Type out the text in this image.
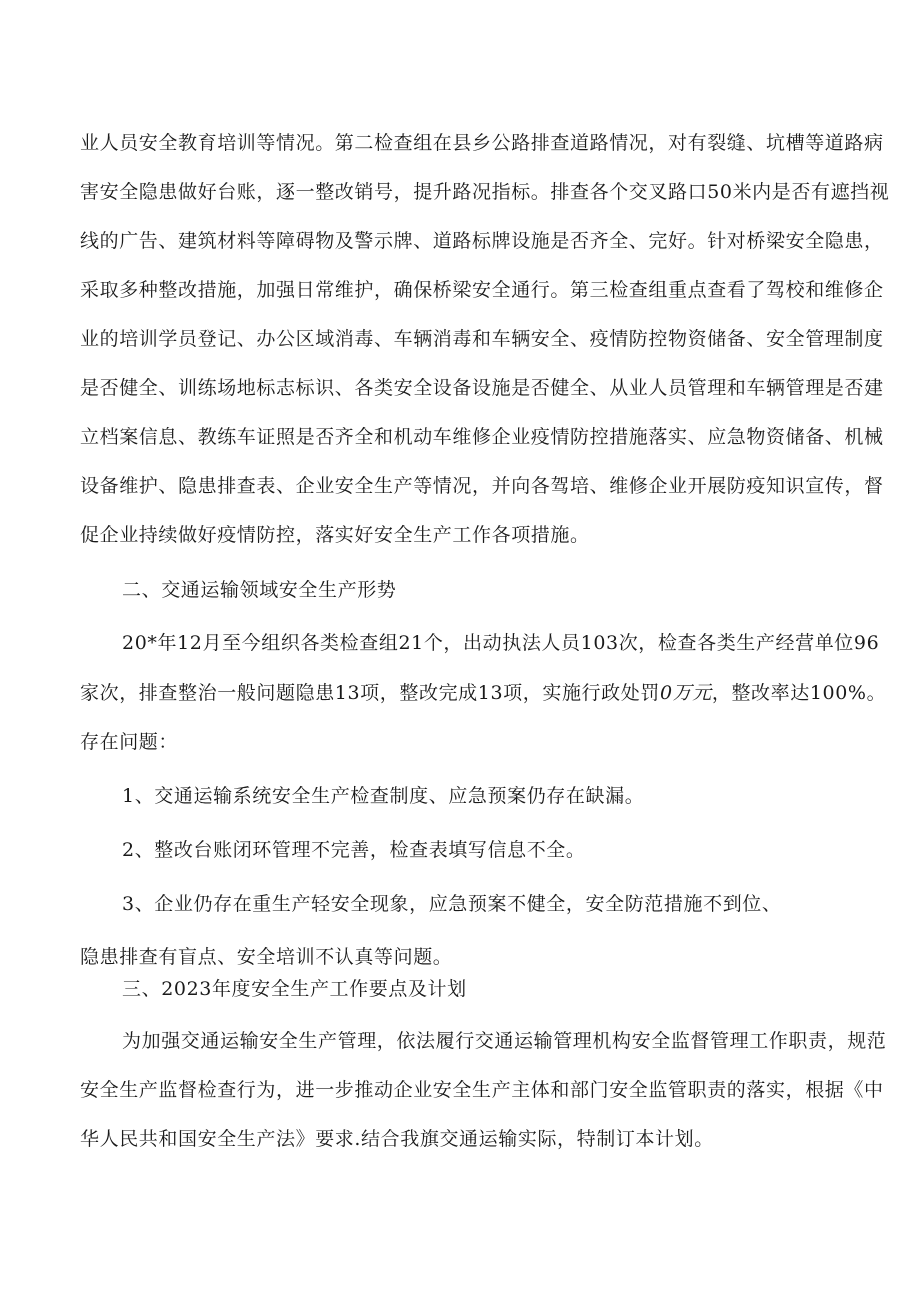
业人员安全教育培训等情况。第二检查组在县乡公路排查道路情况，对有裂缝、坑槽等道路病
害安全隐患做好台账，逐一整改销号，提升路况指标。排查各个交叉路口50米内是否有遮挡视
线的广告、建筑材料等障碍物及警示牌、道路标牌设施是否齐全、完好。针对桥梁安全隐患，
采取多种整改措施，加强日常维护，确保桥梁安全通行。第三检查组重点查看了驾校和维修企
业的培训学员登记、办公区域消毒、车辆消毒和车辆安全、疫情防控物资储备、安全管理制度
是否健全、训练场地标志标识、各类安全设备设施是否健全、从业人员管理和车辆管理是否建
立档案信息、教练车证照是否齐全和机动车维修企业疫情防控措施落实、应急物资储备、机械
设备维护、隐患排查表、企业安全生产等情况，并向各驾培、维修企业开展防疫知识宣传，督
促企业持续做好疫情防控，落实好安全生产工作各项措施。
二、交通运输领域安全生产形势
20*年12月至今组织各类检查组21个，出动执法人员103次，检查各类生产经营单位96
家次，排查整治一般问题隐患13项，整改完成13项，实施行政处罚0万元，整改率达100%。
存在问题：
1、交通运输系统安全生产检查制度、应急预案仍存在缺漏。
2、整改台账闭环管理不完善，检查表填写信息不全。
3、企业仍存在重生产轻安全现象，应急预案不健全，安全防范措施不到位、
隐患排查有盲点、安全培训不认真等问题。
三、2023年度安全生产工作要点及计划
为加强交通运输安全生产管理，依法履行交通运输管理机构安全监督管理工作职责，规范
安全生产监督检查行为，进一步推动企业安全生产主体和部门安全监管职责的落实，根据《中
华人民共和国安全生产法》要求.结合我旗交通运输实际，特制订本计划。
